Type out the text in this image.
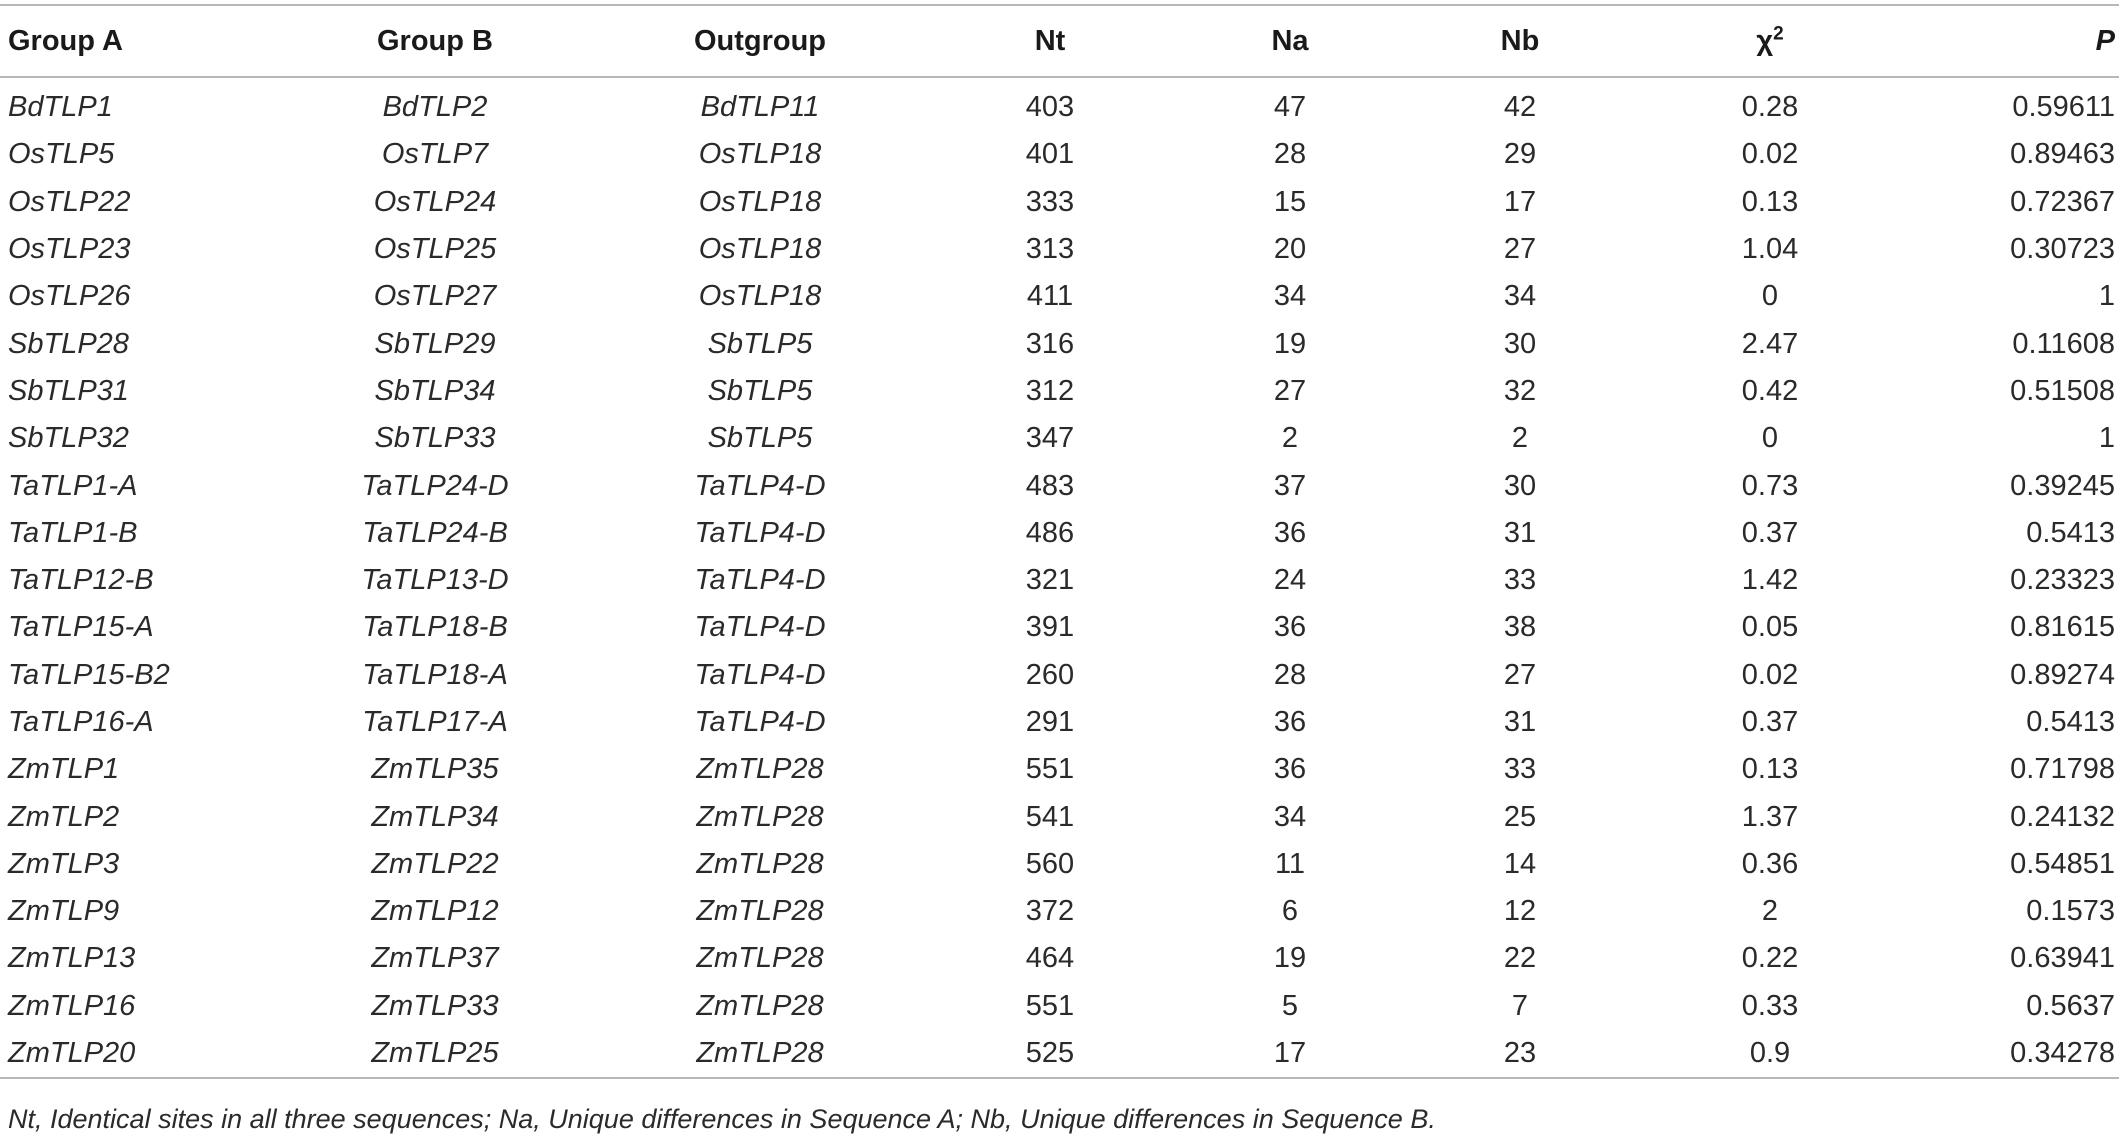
Group A	Group B	Outgroup	Nt	Na	Nb	$\chi^2$	P
BdTLP1	BdTLP2	BdTLP11	403	47	42	0.28	0.59611
OsTLP5	OsTLP7	OsTLP18	401	28	29	0.02	0.89463
OsTLP22	OsTLP24	OsTLP18	333	15	17	0.13	0.72367
OsTLP23	OsTLP25	OsTLP18	313	20	27	1.04	0.30723
OsTLP26	OsTLP27	OsTLP18	411	34	34	0	1
SbTLP28	SbTLP29	SbTLP5	316	19	30	2.47	0.11608
SbTLP31	SbTLP34	SbTLP5	312	27	32	0.42	0.51508
SbTLP32	SbTLP33	SbTLP5	347	2	2	0	1
TaTLP1-A	TaTLP24-D	TaTLP4-D	483	37	30	0.73	0.39245
TaTLP1-B	TaTLP24-B	TaTLP4-D	486	36	31	0.37	0.5413
TaTLP12-B	TaTLP13-D	TaTLP4-D	321	24	33	1.42	0.23323
TaTLP15-A	TaTLP18-B	TaTLP4-D	391	36	38	0.05	0.81615
TaTLP15-B2	TaTLP18-A	TaTLP4-D	260	28	27	0.02	0.89274
TaTLP16-A	TaTLP17-A	TaTLP4-D	291	36	31	0.37	0.5413
ZmTLP1	ZmTLP35	ZmTLP28	551	36	33	0.13	0.71798
ZmTLP2	ZmTLP34	ZmTLP28	541	34	25	1.37	0.24132
ZmTLP3	ZmTLP22	ZmTLP28	560	11	14	0.36	0.54851
ZmTLP9	ZmTLP12	ZmTLP28	372	6	12	2	0.1573
ZmTLP13	ZmTLP37	ZmTLP28	464	19	22	0.22	0.63941
ZmTLP16	ZmTLP33	ZmTLP28	551	5	7	0.33	0.5637
ZmTLP20	ZmTLP25	ZmTLP28	525	17	23	0.9	0.34278
Nt, Identical sites in all three sequences; Na, Unique differences in Sequence A; Nb, Unique differences in Sequence B.
